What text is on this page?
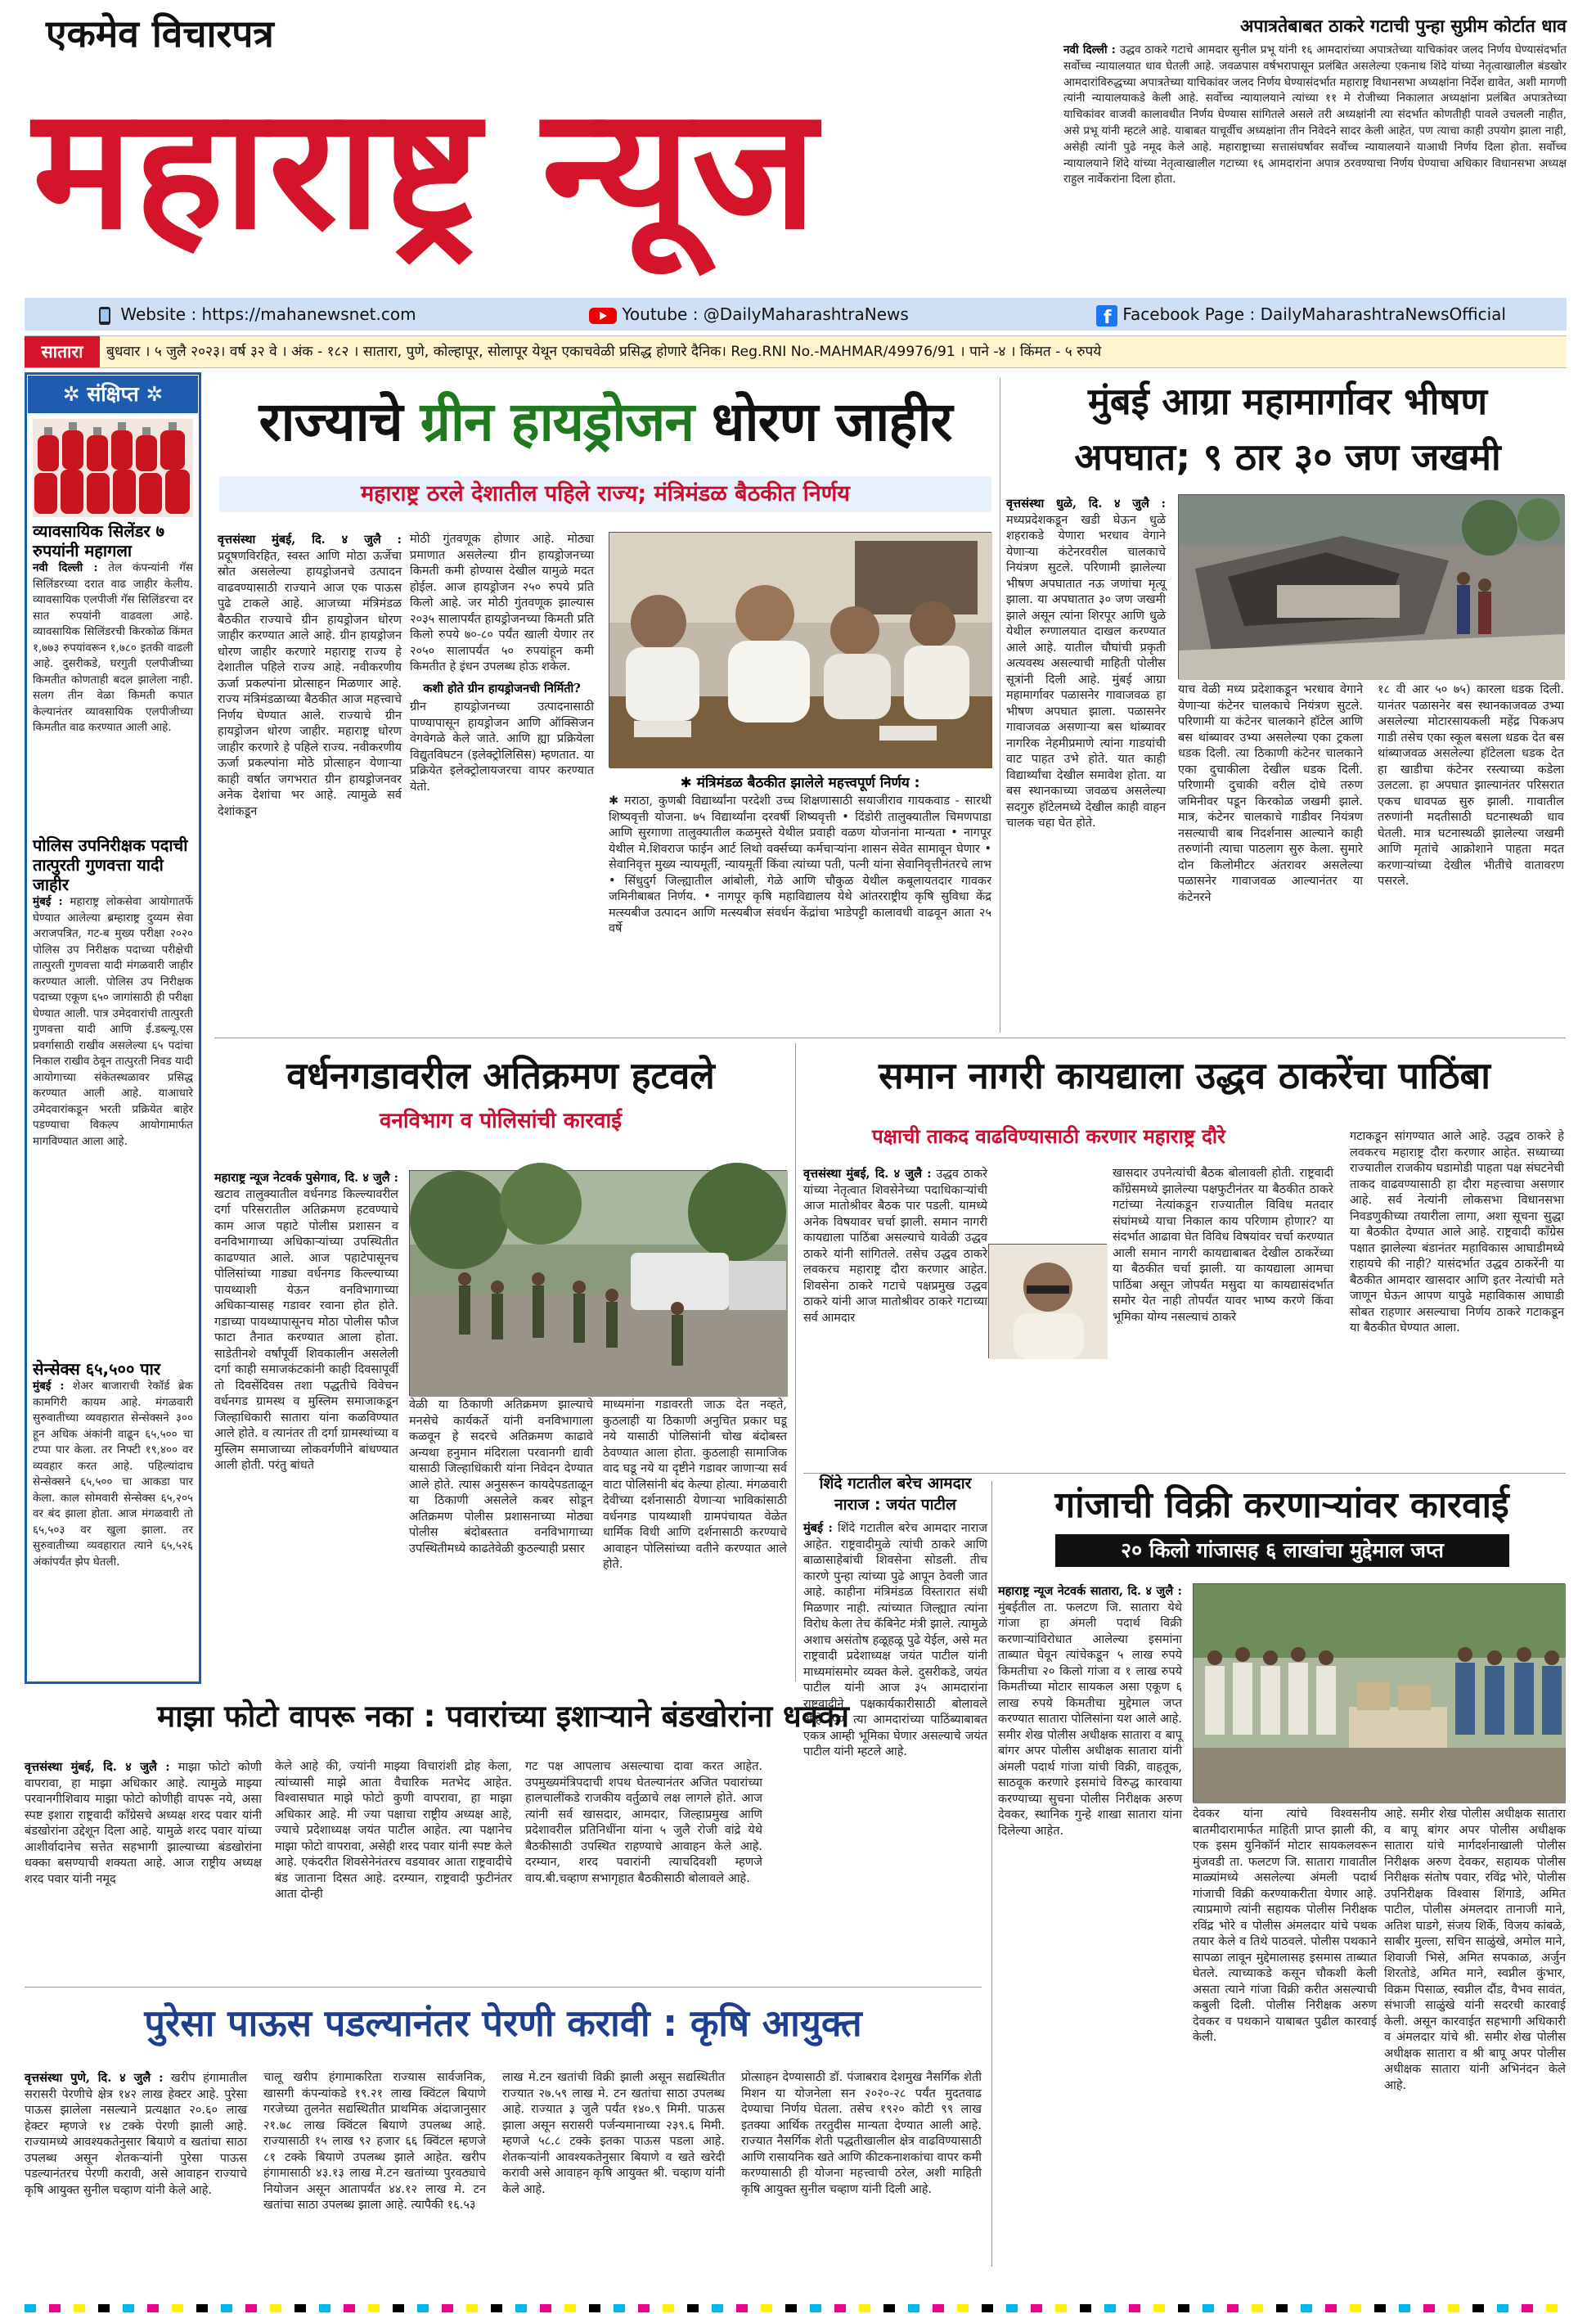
एकमेव विचारपत्र
महाराष्ट्र न्यूज
अपात्रतेबाबत ठाकरे गटाची पुन्हा सुप्रीम कोर्टात धाव
नवी दिल्ली : उद्धव ठाकरे गटाचे आमदार सुनील प्रभू यांनी १६ आमदारांच्या अपात्रतेच्या याचिकांवर जलद निर्णय घेण्यासंदर्भात सर्वोच्च न्यायालयात धाव घेतली आहे. जवळपास वर्षभरापासून प्रलंबित असलेल्या एकनाथ शिंदे यांच्या नेतृत्वाखालील बंडखोर आमदारांविरुद्धच्या अपात्रतेच्या याचिकांवर जलद निर्णय घेण्यासंदर्भात महाराष्ट्र विधानसभा अध्यक्षांना निर्देश द्यावेत, अशी मागणी त्यांनी न्यायालयाकडे केली आहे. सर्वोच्च न्यायालयाने त्यांच्या ११ मे रोजीच्या निकालात अध्यक्षांना प्रलंबित अपात्रतेच्या याचिकांवर वाजवी कालावधीत निर्णय घेण्यास सांगितले असले तरी अध्यक्षांनी त्या संदर्भात कोणतीही पावले उचलली नाहीत, असे प्रभू यांनी म्हटले आहे. याबाबत याचूर्वीच अध्यक्षांना तीन निवेदने सादर केली आहेत, पण त्याचा काही उपयोग झाला नाही, असेही त्यांनी पुढे नमूद केले आहे. महाराष्ट्राच्या सत्तासंघर्षावर सर्वोच्च न्यायालयाने याआधी निर्णय दिला होता. सर्वोच्च न्यायालयाने शिंदे यांच्या नेतृत्वाखालील गटाच्या १६ आमदारांना अपात्र ठरवण्याचा निर्णय घेण्याचा अधिकार विधानसभा अध्यक्ष राहुल नार्वेकरांना दिला होता.
Website : https://mahanewsnet.com	Youtube : @DailyMaharashtraNews	f Facebook Page : DailyMaharashtraNewsOfficial
सातारा	बुधवार । ५ जुलै २०२३। वर्ष ३२ वे । अंक - १८२ । सातारा, पुणे, कोल्हापूर, सोलापूर येथून एकाचवेळी प्रसिद्ध होणारे दैनिक। Reg.RNI No.-MAHMAR/49976/91 । पाने -४ । किंमत - ५ रुपये
✲ संक्षिप्त ✲
व्यावसायिक सिलेंडर ७ रुपयांनी महागला
नवी दिल्ली : तेल कंपन्यांनी गॅस सिलिंडरच्या दरात वाढ जाहीर केलीय. व्यावसायिक एलपीजी गॅस सिलिंडरचा दर सात रुपयांनी वाढवला आहे. व्यावसायिक सिलिंडरची किरकोळ किंमत १,७७३ रुपयांवरून १,७८० इतकी वाढली आहे. दुसरीकडे, घरगुती एलपीजीच्या किमतीत कोणताही बदल झालेला नाही. सलग तीन वेळा किमती कपात केल्यानंतर व्यावसायिक एलपीजीच्या किमतीत वाढ करण्यात आली आहे.
पोलिस उपनिरीक्षक पदाची तात्पुरती गुणवत्ता यादी जाहीर
मुंबई : महाराष्ट्र लोकसेवा आयोगातर्फे घेण्यात आलेल्या ब्रम्हाराष्ट्र दुय्यम सेवा अराजपत्रित, गट-ब मुख्य परीक्षा २०२० पोलिस उप निरीक्षक पदाच्या परीक्षेची तात्पुरती गुणवत्ता यादी मंगळवारी जाहीर करण्यात आली. पोलिस उप निरीक्षक पदाच्या एकूण ६५० जागांसाठी ही परीक्षा घेण्यात आली. पात्र उमेदवारांची तात्पुरती गुणवत्ता यादी आणि ई.डब्ल्यू.एस प्रवर्गासाठी राखीव असलेल्या ६५ पदांचा निकाल राखीव ठेवून तात्पुरती निवड यादी आयोगाच्या संकेतस्थळावर प्रसिद्ध करण्यात आली आहे. याआधारे उमेदवारांकडून भरती प्रक्रियेत बाहेर पडण्याचा विकल्प आयोगामार्फत मागविण्यात आला आहे.
सेन्सेक्स ६५,५०० पार
मुंबई : शेअर बाजाराची रेकॉर्ड ब्रेक कामगिरी कायम आहे. मंगळवारी सुरुवातीच्या व्यवहारात सेन्सेक्सने ३०० हून अधिक अंकांनी वाढून ६५,५०० चा टप्पा पार केला. तर निफ्टी १९,४०० वर व्यवहार करत आहे. पहिल्यांदाच सेन्सेक्सने ६५,५०० चा आकडा पार केला. काल सोमवारी सेन्सेक्स ६५,२०५ वर बंद झाला होता. आज मंगळवारी तो ६५,५०३ वर खुला झाला. तर सुरुवातीच्या व्यवहारात त्याने ६५,५२६ अंकांपर्यंत झेप घेतली.
राज्याचे ग्रीन हायड्रोजन धोरण जाहीर
महाराष्ट्र ठरले देशातील पहिले राज्य; मंत्रिमंडळ बैठकीत निर्णय
वृत्तसंस्था मुंबई, दि. ४ जुलै : प्रदूषणविरहित, स्वस्त आणि मोठा ऊर्जेचा स्रोत असलेल्या हायड्रोजनचे उत्पादन वाढवण्यासाठी राज्याने आज एक पाऊस पुढे टाकले आहे. आजच्या मंत्रिमंडळ बैठकीत राज्याचे ग्रीन हायड्रोजन धोरण जाहीर करण्यात आले आहे. ग्रीन हायड्रोजन धोरण जाहीर करणारे महाराष्ट्र राज्य हे देशातील पहिले राज्य आहे. नवीकरणीय ऊर्जा प्रकल्पांना प्रोत्साहन मिळणार आहे. राज्य मंत्रिमंडळाच्या बैठकीत आज महत्त्वाचे निर्णय घेण्यात आले. राज्याचे ग्रीन हायड्रोजन धोरण जाहीर. महाराष्ट्र धोरण जाहीर करणारे हे पहिले राज्य. नवीकरणीय ऊर्जा प्रकल्पांना मोठे प्रोत्साहन येणाऱ्या काही वर्षात जगभरात ग्रीन हायड्रोजनवर अनेक देशांचा भर आहे. त्यामुळे सर्व देशांकडून
मोठी गुंतवणूक होणार आहे. मोठ्या प्रमाणात असलेल्या ग्रीन हायड्रोजनच्या किमती कमी होण्यास देखील यामुळे मदत होईल. आज हायड्रोजन २५० रुपये प्रति किलो आहे. जर मोठी गुंतवणूक झाल्यास २०३५ सालापर्यंत हायड्रोजनच्या किमती प्रति किलो रुपये ७०-८० पर्यंत खाली येणार तर २०५० सालापर्यंत ५० रुपयांहून कमी किमतीत हे इंधन उपलब्ध होऊ शकेल.
कशी होते ग्रीन हायड्रोजनची निर्मिती?
ग्रीन हायड्रोजनच्या उत्पादनासाठी पाण्यापासून हायड्रोजन आणि ऑक्सिजन वेगवेगळे केले जाते. आणि ह्या प्रक्रियेला विद्युतविघटन (इलेक्ट्रोलिसिस) म्हणतात. या प्रक्रियेत इलेक्ट्रोलायजरचा वापर करण्यात येतो.	✱ मंत्रिमंडळ बैठकीत झालेले महत्त्वपूर्ण निर्णय :
✱ मराठा, कुणबी विद्यार्थ्यांना परदेशी उच्च शिक्षणासाठी सयाजीराव गायकवाड - सारथी शिष्यवृत्ती योजना. ७५ विद्यार्थ्यांना दरवर्षी शिष्यवृत्ती • दिंडोरी तालुक्यातील चिमणपाडा आणि सुरगाणा तालुक्यातील कळमुस्ते येथील प्रवाही वळण योजनांना मान्यता • नागपूर येथील मे.शिवराज फाईन आर्ट लिथो वर्क्सच्या कर्मचाऱ्यांना शासन सेवेत सामावून घेणार • सेवानिवृत्त मुख्य न्यायमूर्ती, न्यायमूर्ती किंवा त्यांच्या पती, पत्नी यांना सेवानिवृत्तीनंतरचे लाभ • सिंधुदुर्ग जिल्ह्यातील आंबोली, गेळे आणि चौकुळ येथील कबूलायतदार गावकर जमिनीबाबत निर्णय. • नागपूर कृषि महाविद्यालय येथे आंतरराष्ट्रीय कृषि सुविधा केंद्र मत्स्यबीज उत्पादन आणि मत्स्यबीज संवर्धन केंद्रांचा भाडेपट्टी कालावधी वाढवून आता २५ वर्षे
मुंबई आग्रा महामार्गावर भीषण
अपघात; ९ ठार ३० जण जखमी
वृत्तसंस्था धुळे, दि. ४ जुलै : मध्यप्रदेशकडून खडी घेऊन धुळे शहराकडे येणारा भरधाव वेगाने येणाऱ्या कंटेनरवरील चालकाचे नियंत्रण सुटले. परिणामी झालेल्या भीषण अपघातात नऊ जणांचा मृत्यू झाला. या अपघातात ३० जण जखमी झाले असून त्यांना शिरपूर आणि धुळे येथील रुग्णालयात दाखल करण्यात आले आहे. यातील चौघांची प्रकृती अत्यवस्थ असल्याची माहिती पोलीस सूत्रांनी दिली आहे. मुंबई आग्रा महामार्गावर पळासनेर गावाजवळ हा भीषण अपघात झाला. पळासनेर गावाजवळ असणाऱ्या बस थांब्यावर नागरिक नेहमीप्रमाणे त्यांना गाडयांची वाट पाहत उभे होते. यात काही विद्यार्थ्यांचा देखील समावेश होता. या बस स्थानकाच्या जवळच असलेल्या सदगुरु हॉटेलमध्ये देखील काही वाहन चालक चहा घेत होते.
याच वेळी मध्य प्रदेशाकडून भरधाव वेगाने येणाऱ्या कंटेनर चालकाचे नियंत्रण सुटले. परिणामी या कंटेनर चालकाने हॉटेल आणि बस थांब्यावर उभ्या असलेल्या एका ट्रकला धडक दिली. त्या ठिकाणी कंटेनर चालकाने एका दुचाकीला देखील धडक दिली. परिणामी दुचाकी वरील दोघे तरुण जमिनीवर पडून किरकोळ जखमी झाले. मात्र, कंटेनर चालकाचे गाडीवर नियंत्रण नसल्याची बाब निदर्शनास आल्याने काही तरुणांनी त्याचा पाठलाग सुरु केला. सुमारे दोन किलोमीटर अंतरावर असलेल्या पळासनेर गावाजवळ आल्यानंतर या कंटेनरने
१८ वी आर ५० ७५) कारला धडक दिली. यानंतर पळासनेर बस स्थानकाजवळ उभ्या असलेल्या मोटारसायकली महेंद्र पिकअप गाडी तसेच एका स्कूल बसला धडक देत बस थांब्याजवळ असलेल्या हॉटेलला धडक देत हा खाडीचा कंटेनर रस्त्याच्या कडेला उलटला. हा अपघात झाल्यानंतर परिसरात एकच धावपळ सुरु झाली. गावातील तरुणांनी मदतीसाठी घटनास्थळी धाव घेतली. मात्र घटनास्थळी झालेल्या जखमी आणि मृतांचे आक्रोशाने पाहता मदत करणाऱ्यांच्या देखील भीतीचे वातावरण पसरले.
वर्धनगडावरील अतिक्रमण हटवले
वनविभाग व पोलिसांची कारवाई
महाराष्ट्र न्यूज नेटवर्क पुसेगाव, दि. ४ जुलै : खटाव तालुक्यातील वर्धनगड किल्ल्यावरील दर्गा परिसरातील अतिक्रमण हटवण्याचे काम आज पहाटे पोलीस प्रशासन व वनविभागाच्या अधिकाऱ्यांच्या उपस्थितीत काढण्यात आले. आज पहाटेपासूनच पोलिसांच्या गाड्या वर्धनगड किल्ल्याच्या पायथ्याशी येऊन वनविभागाच्या अधिकाऱ्यासह गडावर रवाना होत होते. गडाच्या पायथ्यापासूनच मोठा पोलीस फौज फाटा तैनात करण्यात आला होता. साडेतीनशे वर्षांपूर्वी शिवकालीन असलेली दर्गा काही समाजकंटकांनी काही दिवसापूर्वी तो दिवसेंदिवस तशा पद्धतीचे विवेचन वर्धनगड ग्रामस्थ व मुस्लिम समाजाकडून जिल्हाधिकारी सातारा यांना कळविण्यात आले होते. व त्यानंतर ती दर्गा ग्रामस्थांच्या व मुस्लिम समाजाच्या लोकवर्गणीने बांधण्यात आली होती. परंतु बांधते
वेळी या ठिकाणी अतिक्रमण झाल्याचे मनसेचे कार्यकर्ते यांनी वनविभागाला कळवून हे सदरचे अतिक्रमण काढावे अन्यथा हनुमान मंदिराला परवानगी द्यावी यासाठी जिल्हाधिकारी यांना निवेदन देण्यात आले होते. त्यास अनुसरून कायदेपडताळून या ठिकाणी असलेले कबर सोडून अतिक्रमण पोलीस प्रशासनाच्या मोठ्या पोलीस बंदोबस्तात वनविभागाच्या उपस्थितीमध्ये काढतेवेळी कुठल्याही प्रसार
माध्यमांना गडावरती जाऊ देत नव्हते, कुठलाही या ठिकाणी अनुचित प्रकार घडू नये यासाठी पोलिसांनी चोख बंदोबस्त ठेवण्यात आला होता. कुठलाही सामाजिक वाद घडू नये या दृष्टीने गडावर जाणाऱ्या सर्व वाटा पोलिसांनी बंद केल्या होत्या. मंगळवारी देवीच्या दर्शनासाठी येणाऱ्या भाविकांसाठी वर्धनगड पायथ्याशी ग्रामपंचायत वेळेत धार्मिक विधी आणि दर्शनासाठी करण्याचे आवाहन पोलिसांच्या वतीने करण्यात आले होते.
समान नागरी कायद्याला उद्धव ठाकरेंचा पाठिंबा
पक्षाची ताकद वाढविण्यासाठी करणार महाराष्ट्र दौरे
वृत्तसंस्था मुंबई, दि. ४ जुलै : उद्धव ठाकरे यांच्या नेतृत्वात शिवसेनेच्या पदाधिकाऱ्यांची आज मातोश्रीवर बैठक पार पडली. यामध्ये अनेक विषयावर चर्चा झाली. समान नागरी कायद्याला पाठिंबा असल्याचे यावेळी उद्धव ठाकरे यांनी सांगितले. तसेच उद्धव ठाकरे लवकरच महाराष्ट्र दौरा करणार आहेत. शिवसेना ठाकरे गटाचे पक्षप्रमुख उद्धव ठाकरे यांनी आज मातोश्रीवर ठाकरे गटाच्या सर्व आमदार
खासदार उपनेत्यांची बैठक बोलावली होती. राष्ट्रवादी काँग्रेसमध्ये झालेल्या पक्षफुटीनंतर या बैठकीत ठाकरे गटांच्या नेत्यांकडून राज्यातील विविध मतदार संघांमध्ये याचा निकाल काय परिणाम होणार? या संदर्भात आढावा घेत विविध विषयांवर चर्चा करण्यात आली समान नागरी कायद्याबाबत देखील ठाकरेंच्या या बैठकीत चर्चा झाली. या कायद्याला आमचा पाठिंबा असून जोपर्यंत मसुदा या कायद्यासंदर्भात समोर येत नाही तोपर्यंत यावर भाष्य करणे किंवा भूमिका योग्य नसल्याचं ठाकरे
गटाकडून सांगण्यात आले आहे. उद्धव ठाकरे हे लवकरच महाराष्ट्र दौरा करणार आहेत. सध्याच्या राज्यातील राजकीय घडामोडी पाहता पक्ष संघटनेची ताकद वाढवण्यासाठी हा दौरा महत्त्वाचा असणार आहे. सर्व नेत्यांनी लोकसभा विधानसभा निवडणुकीच्या तयारीला लागा, अशा सूचना सुद्धा या बैठकीत देण्यात आले आहे. राष्ट्रवादी काँग्रेस पक्षात झालेल्या बंडानंतर महाविकास आघाडीमध्ये राहायचे की नाही? यासंदर्भात उद्धव ठाकरेंनी या बैठकीत आमदार खासदार आणि इतर नेत्यांची मते जाणून घेऊन आपण यापुढे महाविकास आघाडी सोबत राहणार असल्याचा निर्णय ठाकरे गटाकडून या बैठकीत घेण्यात आला.
शिंदे गटातील बरेच आमदार
नाराज : जयंत पाटील
मुंबई : शिंदे गटातील बरेच आमदार नाराज आहेत. राष्ट्रवादीमुळे त्यांची ठाकरे आणि बाळासाहेबांची शिवसेना सोडली. तीच कारणे पुन्हा त्यांच्या पुढे आपून ठेवली जात आहे. काहीना मंत्रिमंडळ विस्तारात संधी मिळणार नाही. त्यांच्यात जिल्ह्यात त्यांना विरोध केला तेच कॅबिनेट मंत्री झाले. त्यामुळे अशाच असंतोष हळूहळू पुढे येईल, असे मत राष्ट्रवादी प्रदेशाध्यक्ष जयंत पाटील यांनी माध्यमांसमोर व्यक्त केले. दुसरीकडे, जयंत पाटील यांनी आज ३५ आमदारांना राष्ट्रवादीने पक्षकार्यकारीसाठी बोलावले आहे. पण त्या आमदारांच्या पाठिंब्याबाबत एकत्र आम्ही भूमिका घेणार असल्याचे जयंत पाटील यांनी म्हटले आहे.
गांजाची विक्री करणाऱ्यांवर कारवाई
२० किलो गांजासह ६ लाखांचा मुद्देमाल जप्त
महाराष्ट्र न्यूज नेटवर्क सातारा, दि. ४ जुलै : मुंबईतील ता. फलटण जि. सातारा येथे गांजा हा अंमली पदार्थ विक्री करणाऱ्यांविरोधात आलेल्या इसमांना ताब्यात घेवून त्यांचेकडून ५ लाख रुपये किमतीचा २० किलो गांजा व १ लाख रुपये किमतीच्या मोटार सायकल असा एकूण ६ लाख रुपये किमतीचा मुद्देमाल जप्त करण्यात सातारा पोलिसांना यश आले आहे. समीर शेख पोलीस अधीक्षक सातारा व बापू बांगर अपर पोलीस अधीक्षक सातारा यांनी अंमली पदार्थ गांजा यांची विक्री, वाहतूक, साठवूक करणारे इसमांचे विरुद्ध कारवाया करण्याच्या सुचना पोलीस निरीक्षक अरुण देवकर, स्थानिक गुन्हे शाखा सातारा यांना दिलेल्या आहेत.
देवकर यांना त्यांचे विश्वसनीय बातमीदारामार्फत माहिती प्राप्त झाली की, एक इसम युनिकॉर्न मोटार सायकलवरून मुंजवडी ता. फलटण जि. सातारा गावातील माळ्यांमध्ये असलेल्या अंमली पदार्थ गांजाची विक्री करण्याकरीता येणार आहे. त्याप्रमाणे त्यांनी सहायक पोलीस निरीक्षक रविंद्र भोरे व पोलीस अंमलदार यांचे पथक तयार केले व तिथे पाठवले. पोलीस पथकाने सापळा लावून मुद्देमालासह इसमास ताब्यात घेतले. त्याच्याकडे कसून चौकशी केली असता त्याने गांजा विक्री करीत असल्याची कबुली दिली. पोलीस निरीक्षक अरुण देवकर व पथकाने याबाबत पुढील कारवाई केली.
आहे. समीर शेख पोलीस अधीक्षक सातारा व बापू बांगर अपर पोलीस अधीक्षक सातारा यांचे मार्गदर्शनाखाली पोलीस निरीक्षक अरुण देवकर, सहायक पोलीस निरीक्षक संतोष पवार, रविंद्र भोरे, पोलीस उपनिरीक्षक विश्वास शिंगाडे, अमित पाटील, पोलीस अंमलदार तानाजी माने, अतिश घाडगे, संजय शिर्के, विजय कांबळे, साबीर मुल्ला, सचिन साळुंखे, अमोल माने, शिवाजी भिसे, अमित सपकाळ, अर्जुन शिरतोडे, अमित माने, स्वप्नील कुंभार, विक्रम पिसाळ, स्वप्नील दौंड, वैभव सावंत, संभाजी साळुंखे यांनी सदरची कारवाई केली. असून कारवाईत सहभागी अधिकारी व अंमलदार यांचे श्री. समीर शेख पोलीस अधीक्षक सातारा व श्री बापू अपर पोलीस अधीक्षक सातारा यांनी अभिनंदन केले आहे.
माझा फोटो वापरू नका : पवारांच्या इशाऱ्याने बंडखोरांना धक्का
वृत्तसंस्था मुंबई, दि. ४ जुलै : माझा फोटो कोणी वापरावा, हा माझा अधिकार आहे. त्यामुळे माझ्या परवानगीशिवाय माझा फोटो कोणीही वापरू नये, असा स्पष्ट इशारा राष्ट्रवादी काँग्रेसचे अध्यक्ष शरद पवार यांनी बंडखोरांना उद्देशून दिला आहे. यामुळे शरद पवार यांच्या आशीर्वादानेच सत्तेत सहभागी झाल्याच्या बंडखोरांना धक्का बसण्याची शक्यता आहे. आज राष्ट्रीय अध्यक्ष शरद पवार यांनी नमूद
केले आहे की, ज्यांनी माझ्या विचारांशी द्रोह केला, त्यांच्यासी माझे आता वैचारिक मतभेद आहेत. विश्वासघात माझे फोटो कुणी वापरावा, हा माझा अधिकार आहे. मी ज्या पक्षाचा राष्ट्रीय अध्यक्ष आहे, ज्याचे प्रदेशाध्यक्ष जयंत पाटील आहेत. त्या पक्षानेच माझा फोटो वापरावा, असेही शरद पवार यांनी स्पष्ट केले आहे. एकंदरीत शिवसेनेनंतरच वडयावर आता राष्ट्रवादीचे बंड जाताना दिसत आहे. दरम्यान, राष्ट्रवादी फुटीनंतर आता दोन्ही
गट पक्ष आपलाच असल्याचा दावा करत आहेत. उपमुख्यमंत्रिपदाची शपथ घेतल्यानंतर अजित पवारांच्या हालचालींकडे राजकीय वर्तुळाचे लक्ष लागले होते. आज त्यांनी सर्व खासदार, आमदार, जिल्हाप्रमुख आणि प्रदेशावरील प्रतिनिधींना यांना ५ जुलै रोजी वांद्रे येथे बैठकीसाठी उपस्थित राहण्याचे आवाहन केले आहे. दरम्यान, शरद पवारांनी त्याचदिवशी म्हणजे वाय.बी.चव्हाण सभागृहात बैठकीसाठी बोलावले आहे.
पुरेसा पाऊस पडल्यानंतर पेरणी करावी : कृषि आयुक्त
वृत्तसंस्था पुणे, दि. ४ जुलै : खरीप हंगामातील सरासरी पेरणीचे क्षेत्र १४२ लाख हेक्टर आहे. पुरेसा पाऊस झालेला नसल्याने प्रत्यक्षात २०.६० लाख हेक्टर म्हणजे १४ टक्के पेरणी झाली आहे. राज्यामध्ये आवश्यकतेनुसार बियाणे व खतांचा साठा उपलब्ध असून शेतकऱ्यांनी पुरेसा पाऊस पडल्यानंतरच पेरणी करावी, असे आवाहन राज्याचे कृषि आयुक्त सुनील चव्हाण यांनी केले आहे.
चालू खरीप हंगामाकरिता राज्यास सार्वजनिक, खासगी कंपन्यांकडे १९.२१ लाख क्विंटल बियाणे गरजेच्या तुलनेत सद्यस्थितीत प्राथमिक अंदाजानुसार २१.७८ लाख क्विंटल बियाणे उपलब्ध आहे. राज्यासाठी १५ लाख ९२ हजार ६६ क्विंटल म्हणजे ८१ टक्के बियाणे उपलब्ध झाले आहेत. खरीप हंगामासाठी ४३.१३ लाख मे.टन खतांच्या पुरवठ्याचे नियोजन असून आतापर्यंत ४४.१२ लाख मे. टन खतांचा साठा उपलब्ध झाला आहे. त्यापैकी १६.५३
लाख मे.टन खतांची विक्री झाली असून सद्यस्थितीत राज्यात २७.५९ लाख मे. टन खतांचा साठा उपलब्ध आहे. राज्यात ३ जुलै पर्यंत १४०.९ मिमी. पाऊस झाला असून सरासरी पर्जन्यमानाच्या २३९.६ मिमी. म्हणजे ५८.८ टक्के इतका पाऊस पडला आहे. शेतकऱ्यांनी आवश्यकतेनुसार बियाणे व खते खरेदी करावी असे आवाहन कृषि आयुक्त श्री. चव्हाण यांनी केले आहे.
प्रोत्साहन देण्यासाठी डॉ. पंजाबराव देशमुख नैसर्गिक शेती मिशन या योजनेला सन २०२०-२८ पर्यंत मुदतवाढ देण्याचा निर्णय घेतला. तसेच १९२० कोटी ९९ लाख इतक्या आर्थिक तरतुदीस मान्यता देण्यात आली आहे. राज्यात नैसर्गिक शेती पद्धतीखालील क्षेत्र वाढविण्यासाठी आणि रासायनिक खते आणि कीटकनाशकांचा वापर कमी करण्यासाठी ही योजना महत्त्वाची ठरेल, अशी माहिती कृषि आयुक्त सुनील चव्हाण यांनी दिली आहे.
